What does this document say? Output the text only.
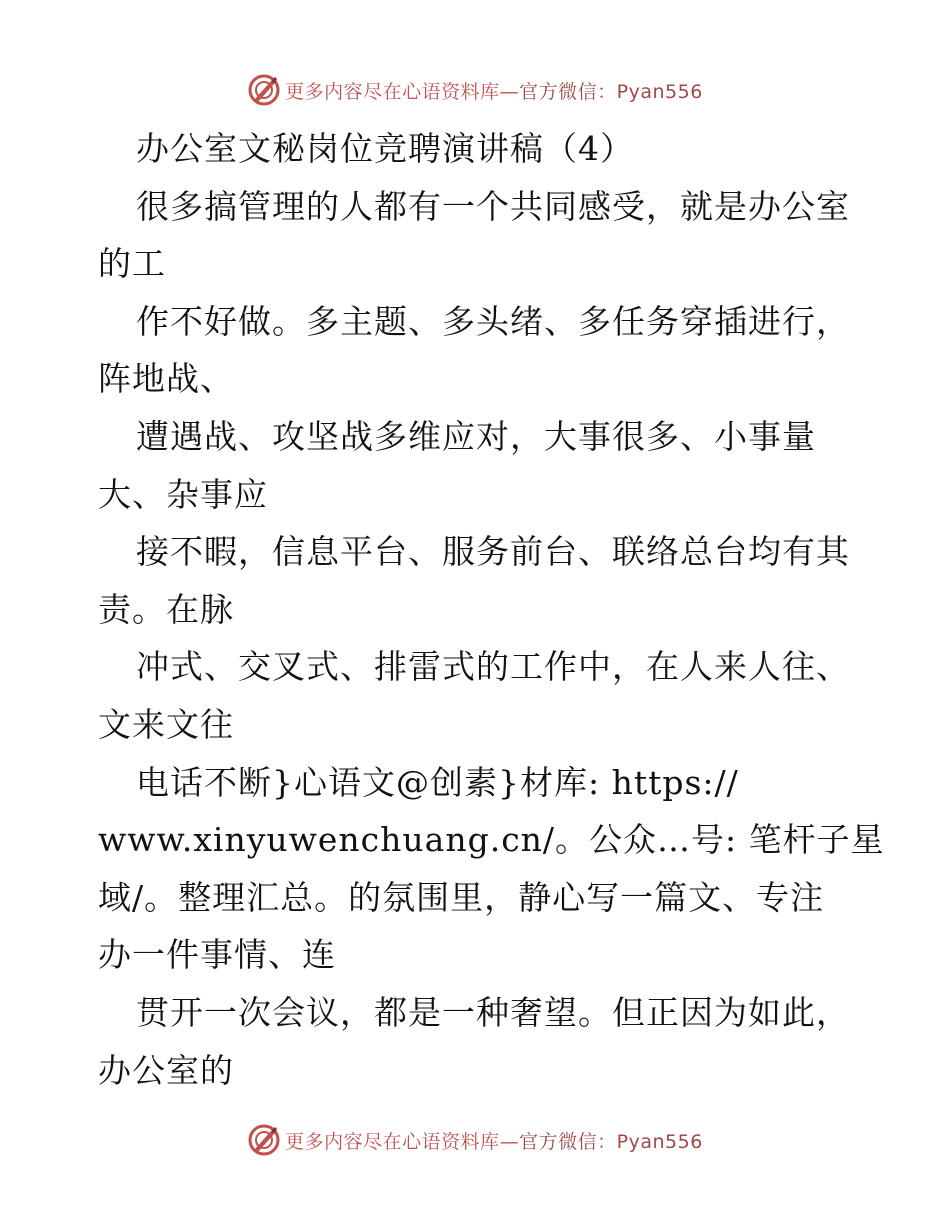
更多内容尽在心语资料库—官方微信：Pyan556
办公室文秘岗位竞聘演讲稿（4）
很多搞管理的人都有一个共同感受，就是办公室
的工
作不好做。多主题、多头绪、多任务穿插进行，
阵地战、
遭遇战、攻坚战多维应对，大事很多、小事量
大、杂事应
接不暇，信息平台、服务前台、联络总台均有其
责。在脉
冲式、交叉式、排雷式的工作中，在人来人往、
文来文往
电话不断}心语文@创素}材库: https://
www.xinyuwenchuang.cn/。公众…号: 笔杆子星
域/。整理汇总。的氛围里，静心写一篇文、专注
办一件事情、连
贯开一次会议，都是一种奢望。但正因为如此，
办公室的
更多内容尽在心语资料库—官方微信：Pyan556
